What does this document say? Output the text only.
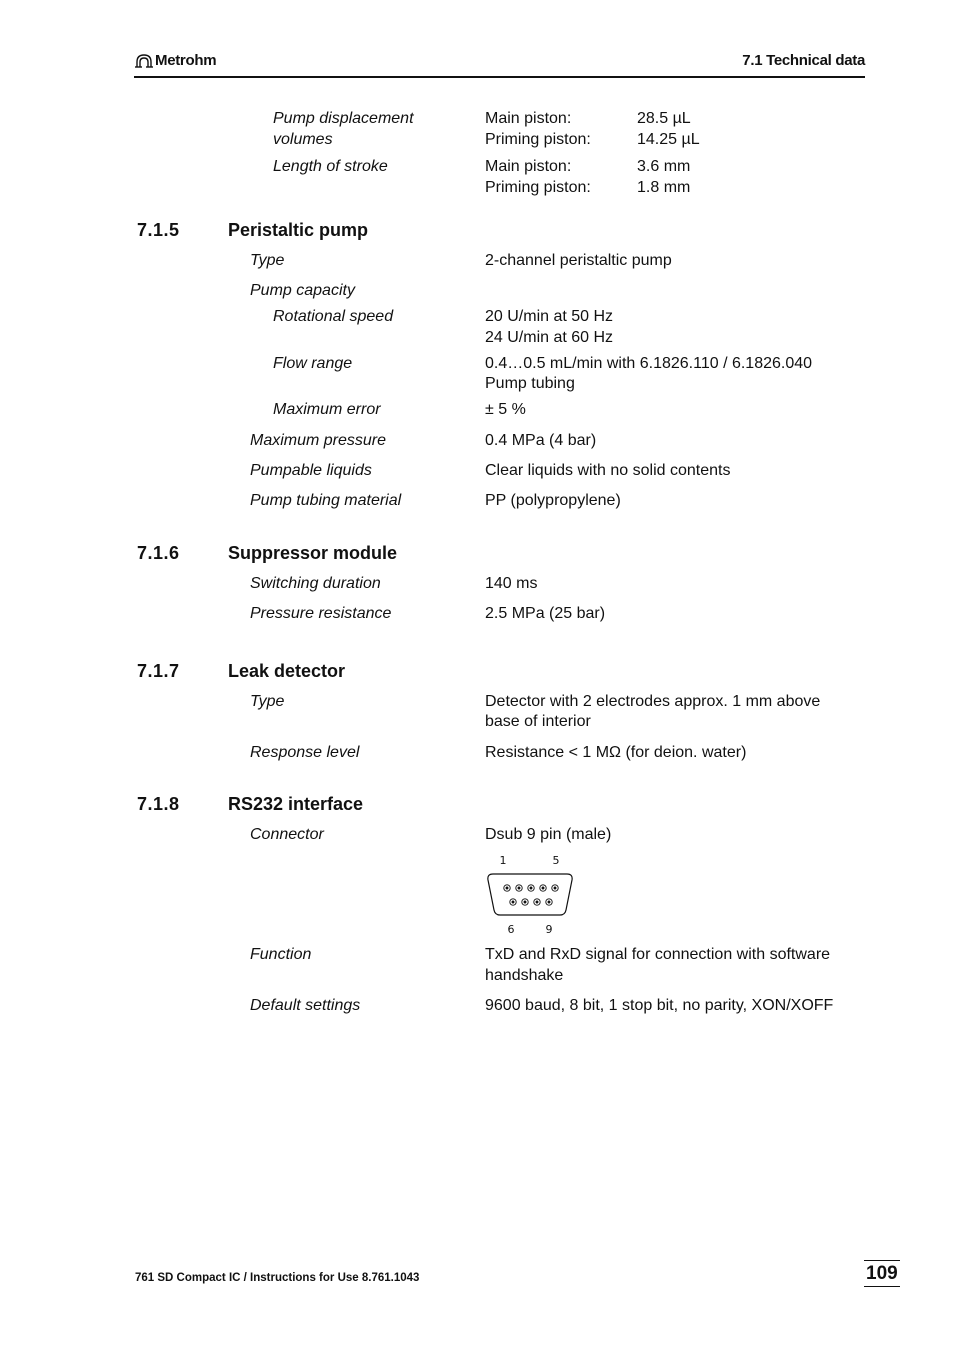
Metrohm	7.1 Technical data
Pump displacement	Main piston:	28.5 µL
volumes	Priming piston:	14.25 µL
Length of stroke	Main piston:	3.6 mm
Priming piston:	1.8 mm
7.1.5	Peristaltic pump
Type	2-channel peristaltic pump
Pump capacity
Rotational speed	20 U/min at 50 Hz
24 U/min at 60 Hz
Flow range	0.4…0.5 mL/min with 6.1826.110 / 6.1826.040
Pump tubing
Maximum error	± 5 %
Maximum pressure	0.4 MPa (4 bar)
Pumpable liquids	Clear liquids with no solid contents
Pump tubing material	PP (polypropylene)
7.1.6	Suppressor module
Switching duration	140 ms
Pressure resistance	2.5 MPa (25 bar)
7.1.7	Leak detector
Type	Detector with 2 electrodes approx. 1 mm above
base of interior
Response level	Resistance < 1 MΩ (for deion. water)
7.1.8	RS232 interface
Connector	Dsub 9 pin (male)
1	5
6	9
Function	TxD and RxD signal for connection with software
handshake
Default settings	9600 baud, 8 bit, 1 stop bit, no parity, XON/XOFF
761 SD Compact IC / Instructions for Use 8.761.1043	109
